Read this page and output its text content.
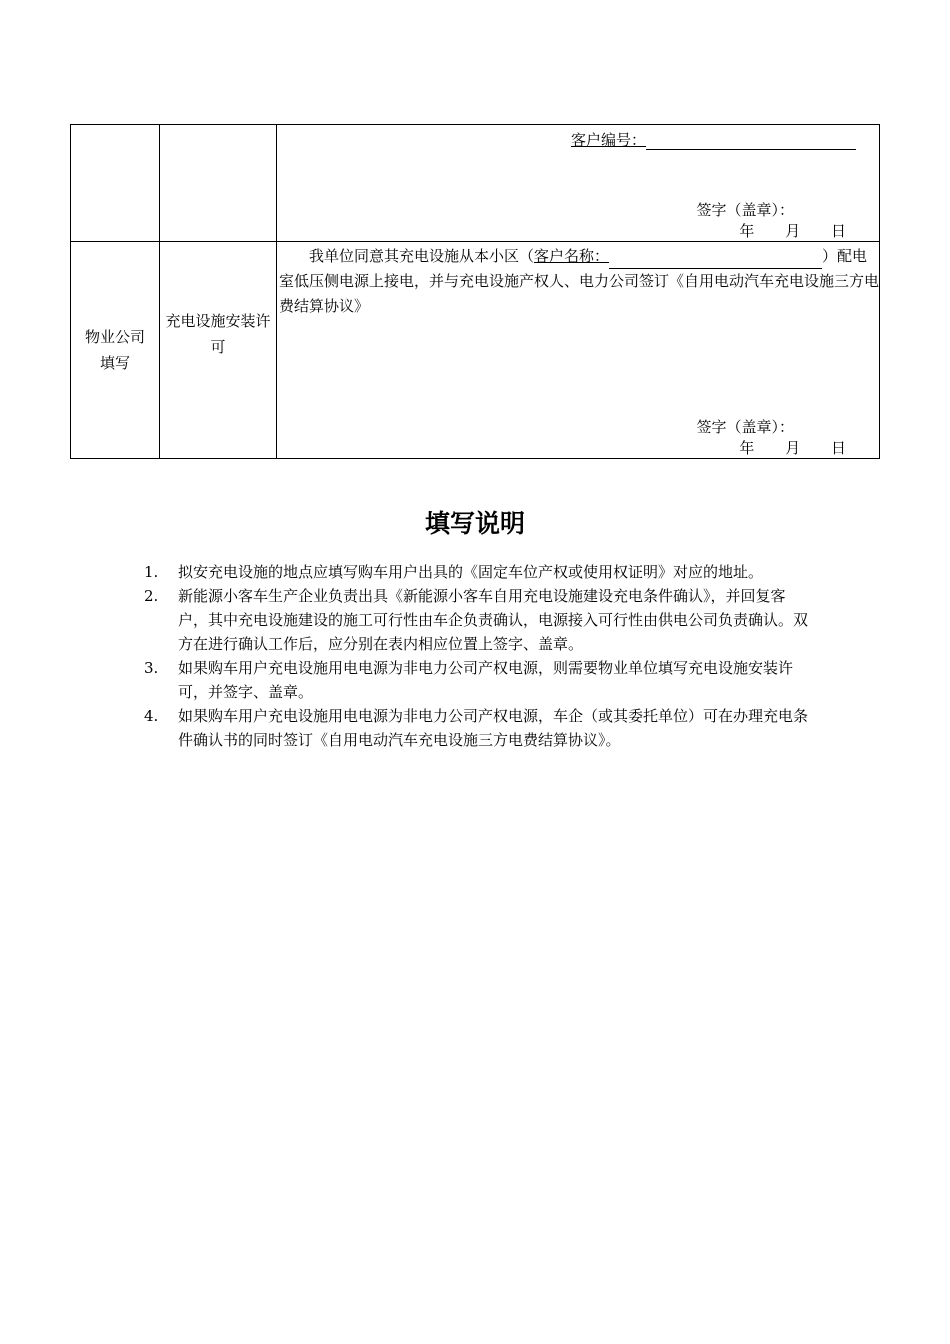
		客户编号：
签字（盖章）：
年 月 日

物业公司填写	充电设施安装许可	我单位同意其充电设施从本小区（客户名称： ）配电室低压侧电源上接电，并与充电设施产权人、电力公司签订《自用电动汽车充电设施三方电费结算协议》
签字（盖章）：
年 月 日
填写说明
1. 拟安充电设施的地点应填写购车用户出具的《固定车位产权或使用权证明》对应的地址。
2. 新能源小客车生产企业负责出具《新能源小客车自用充电设施建设充电条件确认》，并回复客户，其中充电设施建设的施工可行性由车企负责确认，电源接入可行性由供电公司负责确认。双方在进行确认工作后，应分别在表内相应位置上签字、盖章。
3. 如果购车用户充电设施用电电源为非电力公司产权电源，则需要物业单位填写充电设施安装许可，并签字、盖章。
4. 如果购车用户充电设施用电电源为非电力公司产权电源，车企（或其委托单位）可在办理充电条件确认书的同时签订《自用电动汽车充电设施三方电费结算协议》。
